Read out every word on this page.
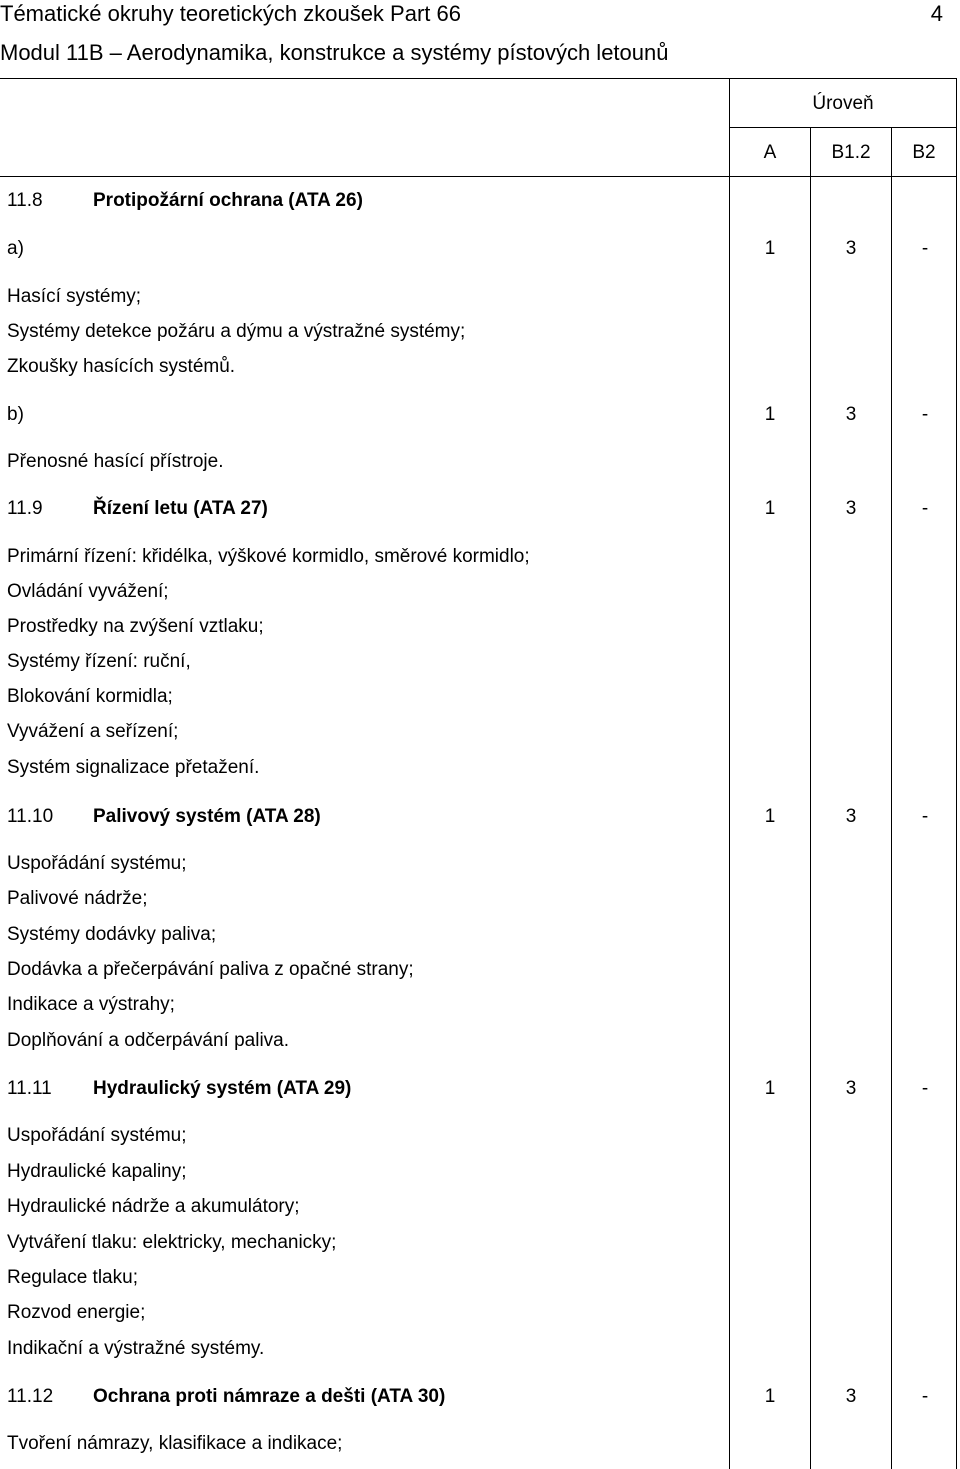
Tématické okruhy teoretických zkoušek Part 66	4
Modul 11B – Aerodynamika, konstrukce a systémy pístových letounů
Úroveň
A	B1.2	B2
11.8	Protipožární ochrana (ATA 26)
a)	1	3	-
Hasící systémy;
Systémy detekce požáru a dýmu a výstražné systémy;
Zkoušky hasících systémů.
b)	1	3	-
Přenosné hasící přístroje.
11.9	Řízení letu (ATA 27)	1	3	-
Primární řízení: křidélka, výškové kormidlo, směrové kormidlo;
Ovládání vyvážení;
Prostředky na zvýšení vztlaku;
Systémy řízení: ruční,
Blokování kormidla;
Vyvážení a seřízení;
Systém signalizace přetažení.
11.10 Palivový systém (ATA 28)	1	3	-
Uspořádání systému;
Palivové nádrže;
Systémy dodávky paliva;
Dodávka a přečerpávání paliva z opačné strany;
Indikace a výstrahy;
Doplňování a odčerpávání paliva.
11.11 Hydraulický systém (ATA 29)	1	3	-
Uspořádání systému;
Hydraulické kapaliny;
Hydraulické nádrže a akumulátory;
Vytváření tlaku: elektricky, mechanicky;
Regulace tlaku;
Rozvod energie;
Indikační a výstražné systémy.
11.12 Ochrana proti námraze a dešti (ATA 30)	1	3	-
Tvoření námrazy, klasifikace a indikace;
